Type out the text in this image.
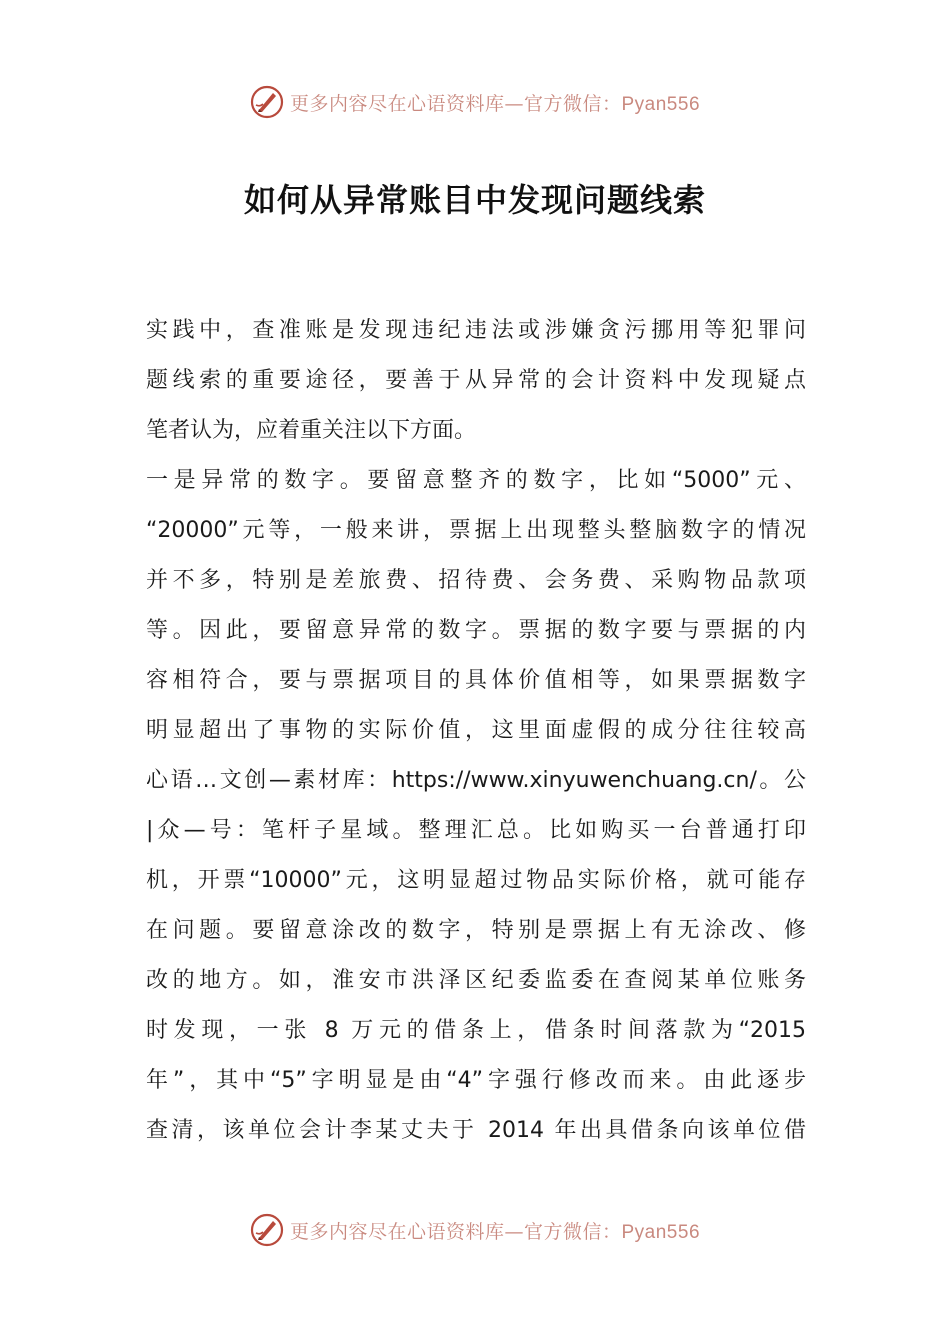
更多内容尽在心语资料库—官方微信：Pyan556
如何从异常账目中发现问题线索
实践中，查准账是发现违纪违法或涉嫌贪污挪用等犯罪问
题线索的重要途径，要善于从异常的会计资料中发现疑点
笔者认为，应着重关注以下方面。
一是异常的数字。要留意整齐的数字，比如“5000”元、
“20000”元等，一般来讲，票据上出现整头整脑数字的情况
并不多，特别是差旅费、招待费、会务费、采购物品款项
等。因此，要留意异常的数字。票据的数字要与票据的内
容相符合，要与票据项目的具体价值相等，如果票据数字
明显超出了事物的实际价值，这里面虚假的成分往往较高
心语…文创—素材库：https://www.xinyuwenchuang.cn/。公
|众—号：笔杆子星域。整理汇总。比如购买一台普通打印
机，开票“10000”元，这明显超过物品实际价格，就可能存
在问题。要留意涂改的数字，特别是票据上有无涂改、修
改的地方。如，淮安市洪泽区纪委监委在查阅某单位账务
时发现，一张 8 万元的借条上，借条时间落款为“2015
年”，其中“5”字明显是由“4”字强行修改而来。由此逐步
查清，该单位会计李某丈夫于 2014 年出具借条向该单位借
更多内容尽在心语资料库—官方微信：Pyan556
